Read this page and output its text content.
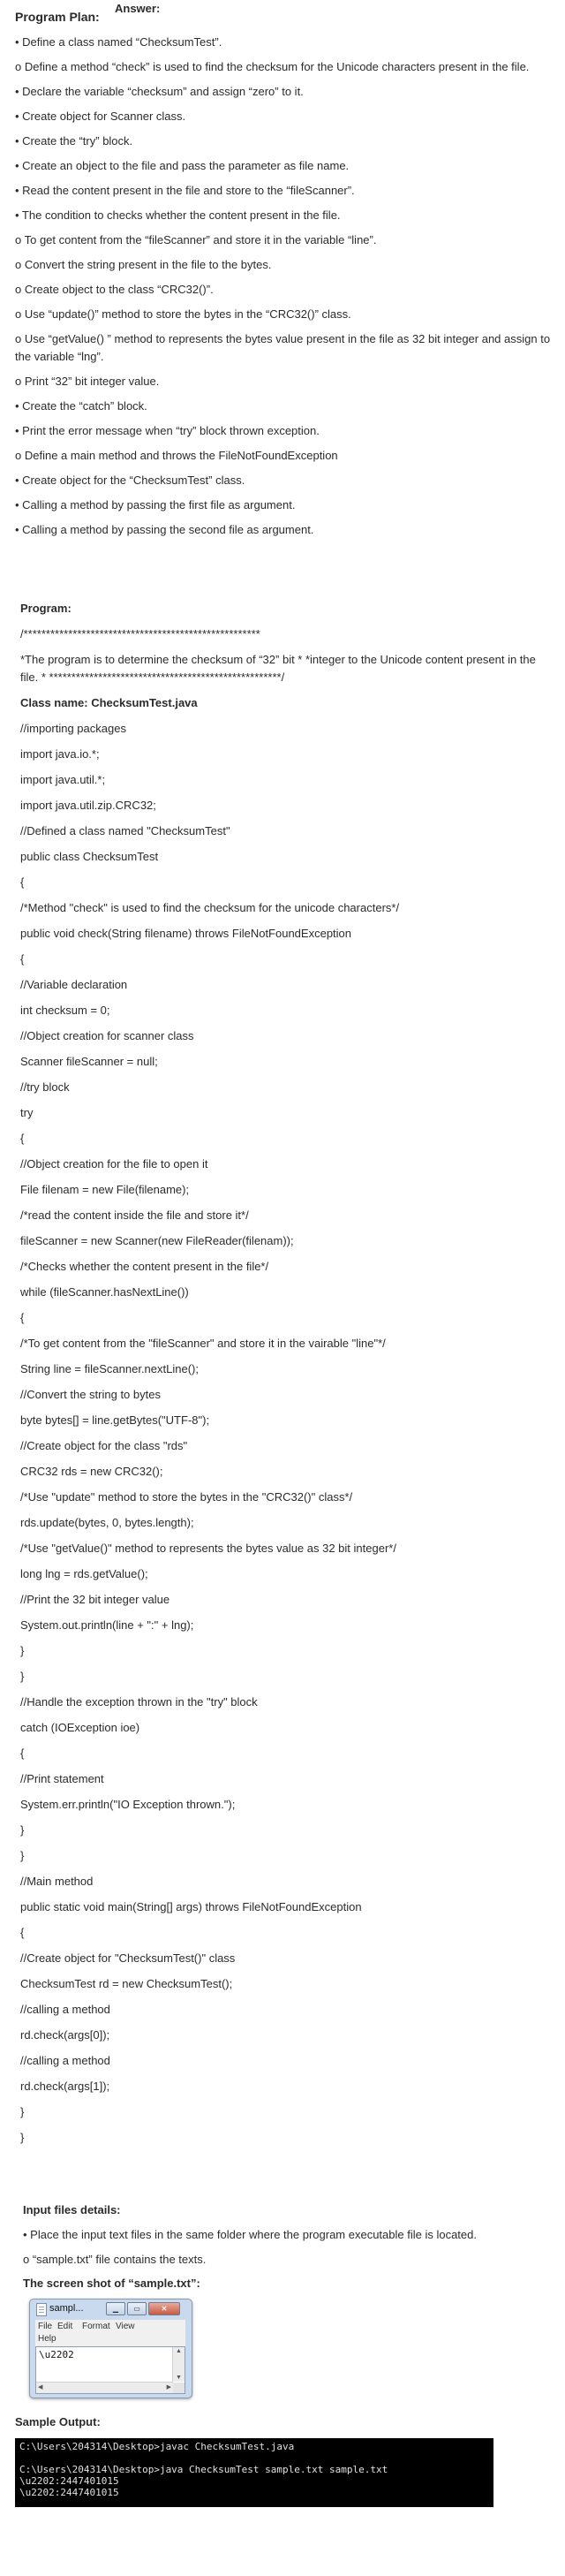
Answer:
Program Plan:
• Define a class named “ChecksumTest”.
o Define a method “check” is used to find the checksum for the Unicode characters present in the file.
• Declare the variable “checksum” and assign “zero” to it.
• Create object for Scanner class.
• Create the “try” block.
• Create an object to the file and pass the parameter as file name.
• Read the content present in the file and store to the “fileScanner”.
• The condition to checks whether the content present in the file.
o To get content from the “fileScanner” and store it in the variable “line”.
o Convert the string present in the file to the bytes.
o Create object to the class “CRC32()”.
o Use “update()” method to store the bytes in the “CRC32()” class.
o Use “getValue() ” method to represents the bytes value present in the file as 32 bit integer and assign to the variable “lng”.
o Print “32” bit integer value.
• Create the “catch” block.
• Print the error message when “try” block thrown exception.
o Define a main method and throws the FileNotFoundException
• Create object for the “ChecksumTest” class.
• Calling a method by passing the first file as argument.
• Calling a method by passing the second file as argument.
Program:
/*****************************************************
*The program is to determine the checksum of “32” bit * *integer to the Unicode content present in the file. * ****************************************************/
Class name: ChecksumTest.java
//importing packages
import java.io.*;
import java.util.*;
import java.util.zip.CRC32;
//Defined a class named "ChecksumTest"
public class ChecksumTest
{
/*Method "check" is used to find the checksum for the unicode characters*/
public void check(String filename) throws FileNotFoundException
{
//Variable declaration
int checksum = 0;
//Object creation for scanner class
Scanner fileScanner = null;
//try block
try
{
//Object creation for the file to open it
File filenam = new File(filename);
/*read the content inside the file and store it*/
fileScanner = new Scanner(new FileReader(filenam));
/*Checks whether the content present in the file*/
while (fileScanner.hasNextLine())
{
/*To get content from the "fileScanner" and store it in the vairable "line"*/
String line = fileScanner.nextLine();
//Convert the string to bytes
byte bytes[] = line.getBytes("UTF-8");
//Create object for the class "rds"
CRC32 rds = new CRC32();
/*Use "update" method to store the bytes in the "CRC32()" class*/
rds.update(bytes, 0, bytes.length);
/*Use "getValue()" method to represents the bytes value as 32 bit integer*/
long lng = rds.getValue();
//Print the 32 bit integer value
System.out.println(line + ":" + lng);
}
}
//Handle the exception thrown in the "try" block
catch (IOException ioe)
{
//Print statement
System.err.println("IO Exception thrown.");
}
}
//Main method
public static void main(String[] args) throws FileNotFoundException
{
//Create object for "ChecksumTest()" class
ChecksumTest rd = new ChecksumTest();
//calling a method
rd.check(args[0]);
//calling a method
rd.check(args[1]);
}
}
Input files details:
• Place the input text files in the same folder where the program executable file is located.
o “sample.txt” file contains the texts.
The screen shot of “sample.txt”:
sampl...	▁	▭	✕
File Edit Format View
Help
\u2202	▲
▼
◀	▶
Sample Output:
C:\Users\204314\Desktop>javac ChecksumTest.java
C:\Users\204314\Desktop>java ChecksumTest sample.txt sample.txt
\u2202:2447401015
\u2202:2447401015
